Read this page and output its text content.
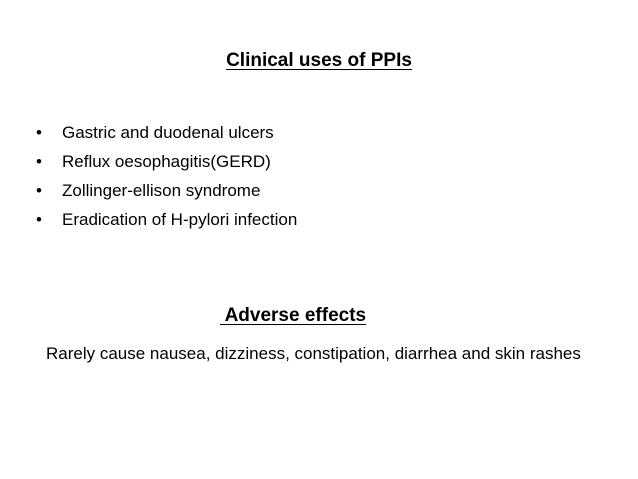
Clinical uses of PPIs
• Gastric and duodenal ulcers
• Reflux oesophagitis(GERD)
• Zollinger-ellison syndrome
• Eradication of H-pylori infection
Adverse effects
Rarely cause nausea, dizziness, constipation, diarrhea and skin rashes
